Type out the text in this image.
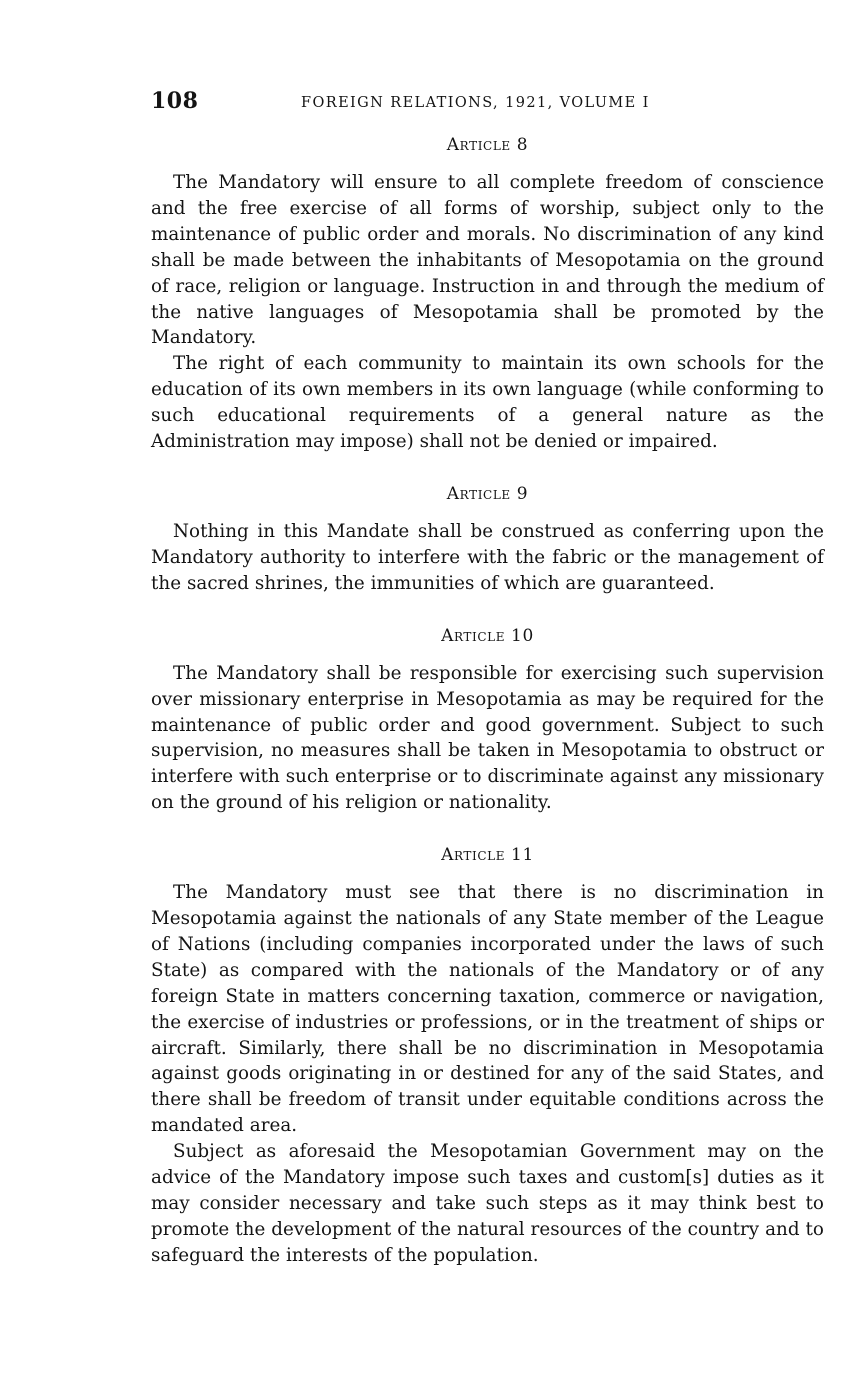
108	FOREIGN RELATIONS, 1921, VOLUME I
Article 8

The Mandatory will ensure to all complete freedom of conscience and the free exercise of all forms of worship, subject only to the maintenance of public order and morals. No discrimination of any kind shall be made between the inhabitants of Mesopotamia on the ground of race, religion or language. Instruction in and through the medium of the native languages of Mesopotamia shall be promoted by the Mandatory.

The right of each community to maintain its own schools for the education of its own members in its own language (while conforming to such educational requirements of a general nature as the Administration may impose) shall not be denied or impaired.

Article 9

Nothing in this Mandate shall be construed as conferring upon the Mandatory authority to interfere with the fabric or the management of the sacred shrines, the immunities of which are guaranteed.

Article 10

The Mandatory shall be responsible for exercising such supervision over missionary enterprise in Mesopotamia as may be required for the maintenance of public order and good government. Subject to such supervision, no measures shall be taken in Mesopotamia to obstruct or interfere with such enterprise or to discriminate against any missionary on the ground of his religion or nationality.

Article 11

The Mandatory must see that there is no discrimination in Mesopotamia against the nationals of any State member of the League of Nations (including companies incorporated under the laws of such State) as compared with the nationals of the Mandatory or of any foreign State in matters concerning taxation, commerce or navigation, the exercise of industries or professions, or in the treatment of ships or aircraft. Similarly, there shall be no discrimination in Mesopotamia against goods originating in or destined for any of the said States, and there shall be freedom of transit under equitable conditions across the mandated area.

Subject as aforesaid the Mesopotamian Government may on the advice of the Mandatory impose such taxes and custom[s] duties as it may consider necessary and take such steps as it may think best to promote the development of the natural resources of the country and to safeguard the interests of the population.
